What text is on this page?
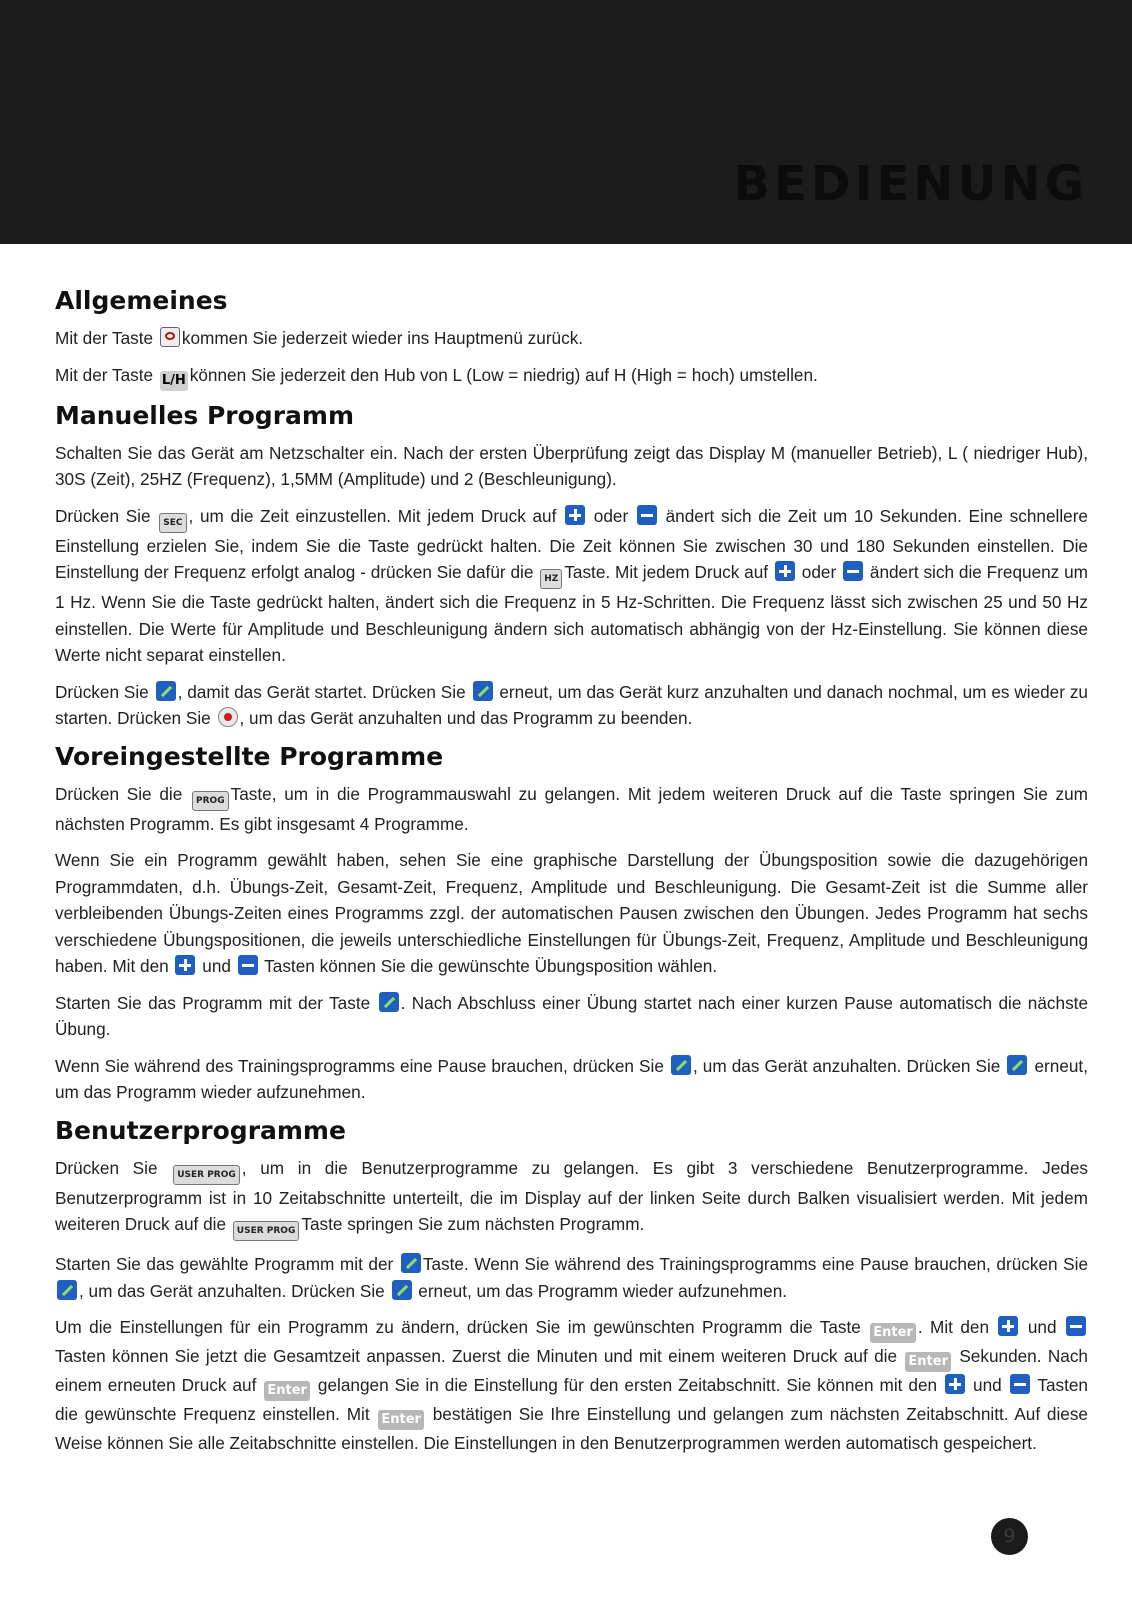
BEDIENUNG
Allgemeines

Mit der Taste kommen Sie jederzeit wieder ins Hauptmenü zurück.

Mit der Taste L/H können Sie jederzeit den Hub von L (Low = niedrig) auf H (High = hoch) umstellen.

Manuelles Programm

Schalten Sie das Gerät am Netzschalter ein. Nach der ersten Überprüfung zeigt das Display M (manueller Betrieb), L ( niedriger Hub), 30S (Zeit), 25HZ (Frequenz), 1,5MM (Amplitude) und 2 (Beschleunigung).

Drücken Sie SEC , um die Zeit einzustellen. Mit jedem Druck auf  oder  ändert sich die Zeit um 10 Sekunden. Eine schnellere Einstellung erzielen Sie, indem Sie die Taste gedrückt halten. Die Zeit können Sie zwischen 30 und 180 Sekunden einstellen. Die Einstellung der Frequenz erfolgt analog - drücken Sie dafür die HZ Taste. Mit jedem Druck auf  oder  ändert sich die Frequenz um 1 Hz. Wenn Sie die Taste gedrückt halten, ändert sich die Frequenz in 5 Hz-Schritten. Die Frequenz lässt sich zwischen 25 und 50 Hz einstellen. Die Werte für Amplitude und Beschleunigung ändern sich automatisch abhängig von der Hz-Einstellung. Sie können diese Werte nicht separat einstellen.

Drücken Sie , damit das Gerät startet. Drücken Sie  erneut, um das Gerät kurz anzuhalten und danach nochmal, um es wieder zu starten. Drücken Sie , um das Gerät anzuhalten und das Programm zu beenden.

Voreingestellte Programme

Drücken Sie die PROG Taste, um in die Programmauswahl zu gelangen. Mit jedem weiteren Druck auf die Taste springen Sie zum nächsten Programm. Es gibt insgesamt 4 Programme.

Wenn Sie ein Programm gewählt haben, sehen Sie eine graphische Darstellung der Übungsposition sowie die dazugehörigen Programmdaten, d.h. Übungs-Zeit, Gesamt-Zeit, Frequenz, Amplitude und Beschleunigung. Die Gesamt-Zeit ist die Summe aller verbleibenden Übungs-Zeiten eines Programms zzgl. der automatischen Pausen zwischen den Übungen. Jedes Programm hat sechs verschiedene Übungspositionen, die jeweils unterschiedliche Einstellungen für Übungs-Zeit, Frequenz, Amplitude und Beschleunigung haben. Mit den  und  Tasten können Sie die gewünschte Übungsposition wählen.

Starten Sie das Programm mit der Taste . Nach Abschluss einer Übung startet nach einer kurzen Pause automatisch die nächste Übung.

Wenn Sie während des Trainingsprogramms eine Pause brauchen, drücken Sie , um das Gerät anzuhalten. Drücken Sie  erneut, um das Programm wieder aufzunehmen.

Benutzerprogramme

Drücken Sie USER PROG , um in die Benutzerprogramme zu gelangen. Es gibt 3 verschiedene Benutzerprogramme. Jedes Benutzerprogramm ist in 10 Zeitabschnitte unterteilt, die im Display auf der linken Seite durch Balken visualisiert werden. Mit jedem weiteren Druck auf die USER PROG Taste springen Sie zum nächsten Programm.

Starten Sie das gewählte Programm mit der Taste. Wenn Sie während des Trainingsprogramms eine Pause brauchen, drücken Sie , um das Gerät anzuhalten. Drücken Sie  erneut, um das Programm wieder aufzunehmen.

Um die Einstellungen für ein Programm zu ändern, drücken Sie im gewünschten Programm die Taste Enter . Mit den  und  Tasten können Sie jetzt die Gesamtzeit anpassen. Zuerst die Minuten und mit einem weiteren Druck auf die Enter Sekunden. Nach einem erneuten Druck auf Enter gelangen Sie in die Einstellung für den ersten Zeitabschnitt. Sie können mit den  und  Tasten die gewünschte Frequenz einstellen. Mit Enter bestätigen Sie Ihre Einstellung und gelangen zum nächsten Zeitabschnitt. Auf diese Weise können Sie alle Zeitabschnitte einstellen. Die Einstellungen in den Benutzerprogrammen werden automatisch gespeichert.

9
